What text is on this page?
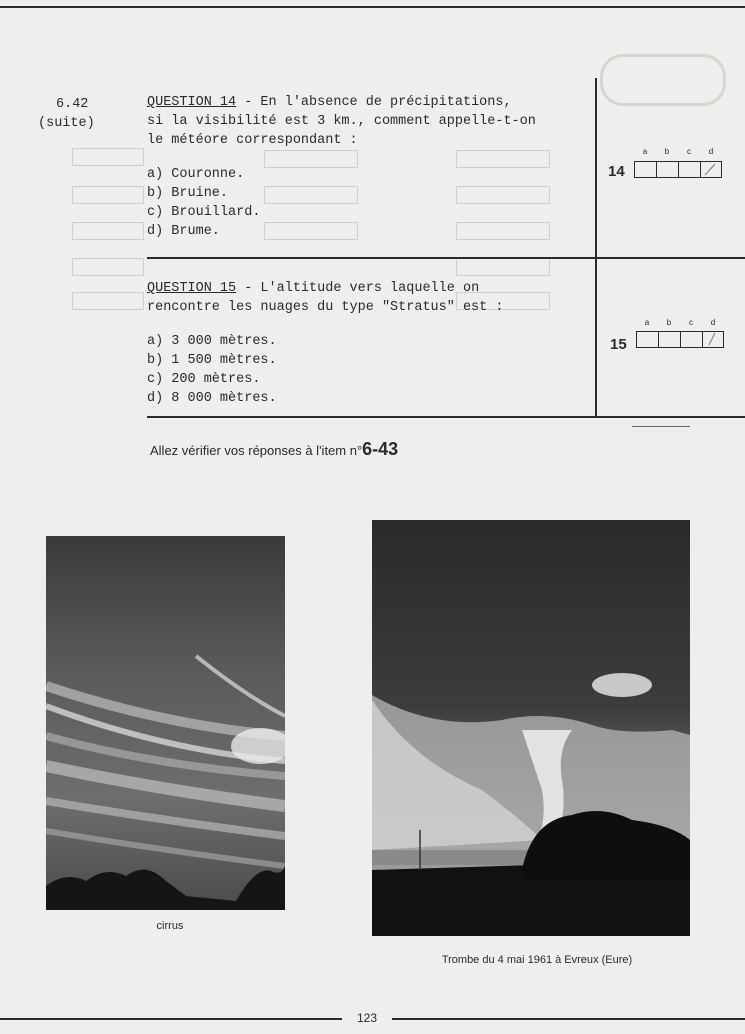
6.42
(suite)
QUESTION 14 - En l'absence de précipitations,
si la visibilité est 3 km., comment appelle-t-on
le météore correspondant :
a) Couronne.
b) Bruine.
c) Brouillard.
d) Brume.
a	b	c	d
14
QUESTION 15 - L'altitude vers laquelle on
rencontre les nuages du type "Stratus" est :
a) 3 000 mètres.
b) 1 500 mètres.
c) 200 mètres.
d) 8 000 mètres.
a	b	c	d
15
Allez vérifier vos réponses à l'item n°6-43
cirrus
Trombe du 4 mai 1961 à Evreux (Eure)
123
